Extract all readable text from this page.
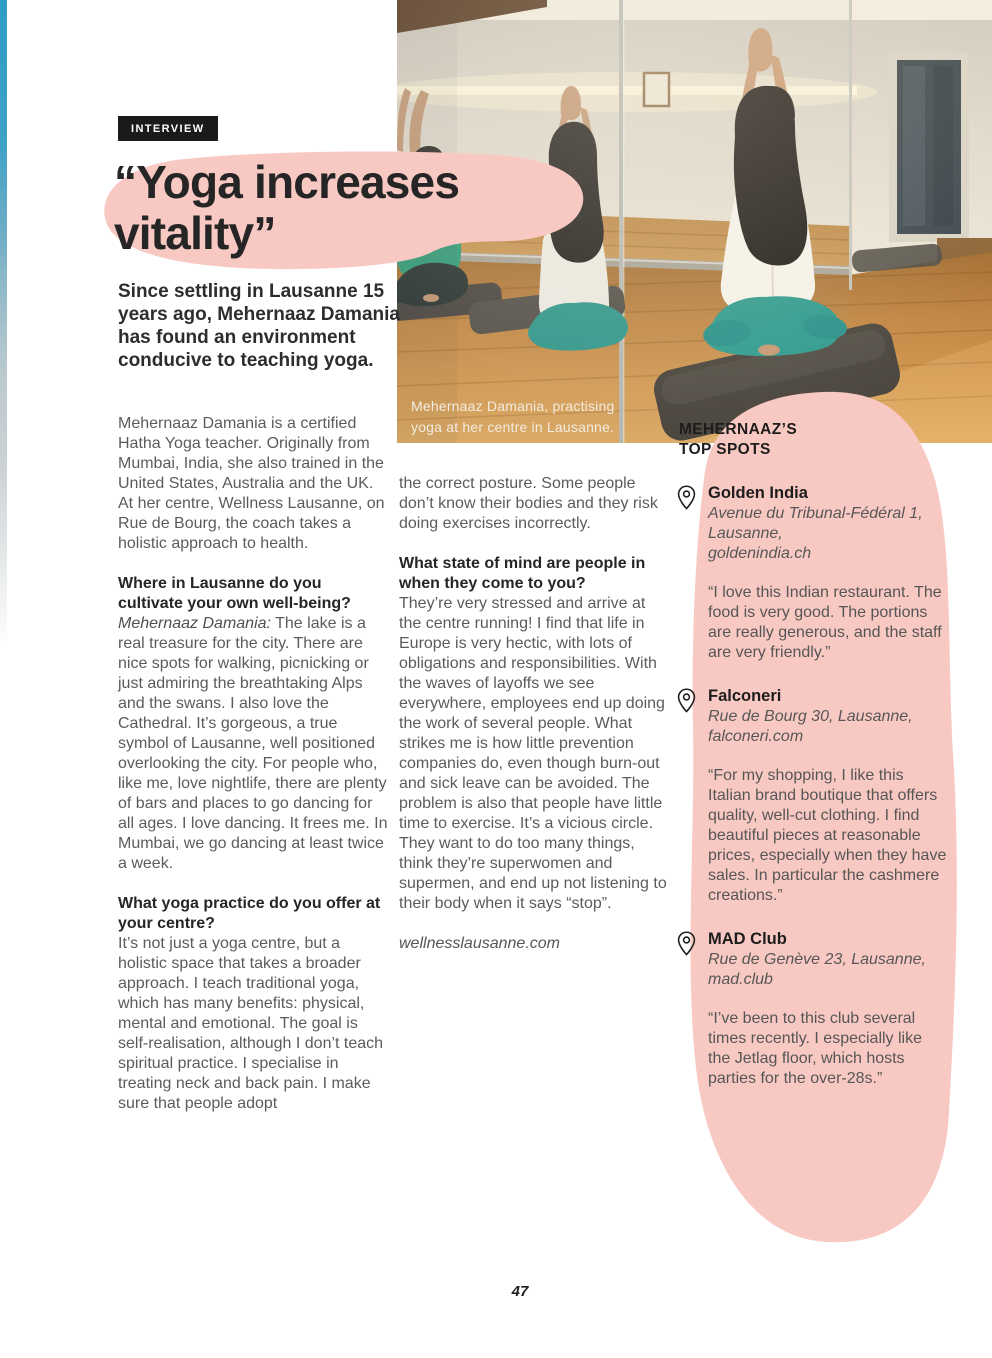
Mehernaaz Damania, practising
yoga at her centre in Lausanne.
INTERVIEW
“Yoga increases
vitality”
Since settling in Lausanne 15 years ago, Mehernaaz Damania has found an environment conducive to teaching yoga.

Mehernaaz Damania is a certified Hatha Yoga teacher. Originally from Mumbai, India, she also trained in the United States, Australia and the UK. At her centre, Wellness Lausanne, on Rue de Bourg, the coach takes a holistic approach to health.

Where in Lausanne do you cultivate your own well-being?

Mehernaaz Damania: The lake is a real treasure for the city. There are nice spots for walking, picnicking or just admiring the breathtaking Alps and the swans. I also love the Cathedral. It’s gorgeous, a true symbol of Lausanne, well positioned overlooking the city. For people who, like me, love nightlife, there are plenty of bars and places to go dancing for all ages. I love dancing. It frees me. In Mumbai, we go dancing at least twice a week.

What yoga practice do you offer at your centre?

It’s not just a yoga centre, but a holistic space that takes a broader approach. I teach traditional yoga, which has many benefits: physical, mental and emotional. The goal is self-realisation, although I don’t teach spiritual practice. I specialise in treating neck and back pain. I make sure that people adopt

the correct posture. Some people don’t know their bodies and they risk doing exercises incorrectly.

What state of mind are people in when they come to you?

They’re very stressed and arrive at the centre running! I find that life in Europe is very hectic, with lots of obligations and responsibilities. With the waves of layoffs we see everywhere, employees end up doing the work of several people. What strikes me is how little prevention companies do, even though burn-out and sick leave can be avoided. The problem is also that people have little time to exercise. It’s a vicious circle. They want to do too many things, think they’re superwomen and supermen, and end up not listening to their body when it says “stop”.

wellnesslausanne.com

MEHERNAAZ’S
TOP SPOTS
Golden India
Avenue du Tribunal-Fédéral 1,
Lausanne,
goldenindia.ch
“I love this Indian restaurant. The food is very good. The portions are really generous, and the staff are very friendly.”
Falconeri
Rue de Bourg 30, Lausanne,
falconeri.com
“For my shopping, I like this Italian brand boutique that offers quality, well-cut clothing. I find beautiful pieces at reasonable prices, especially when they have sales. In particular the cashmere creations.”
MAD Club
Rue de Genève 23, Lausanne,
mad.club
“I’ve been to this club several times recently. I especially like the Jetlag floor, which hosts parties for the over-28s.”
47
